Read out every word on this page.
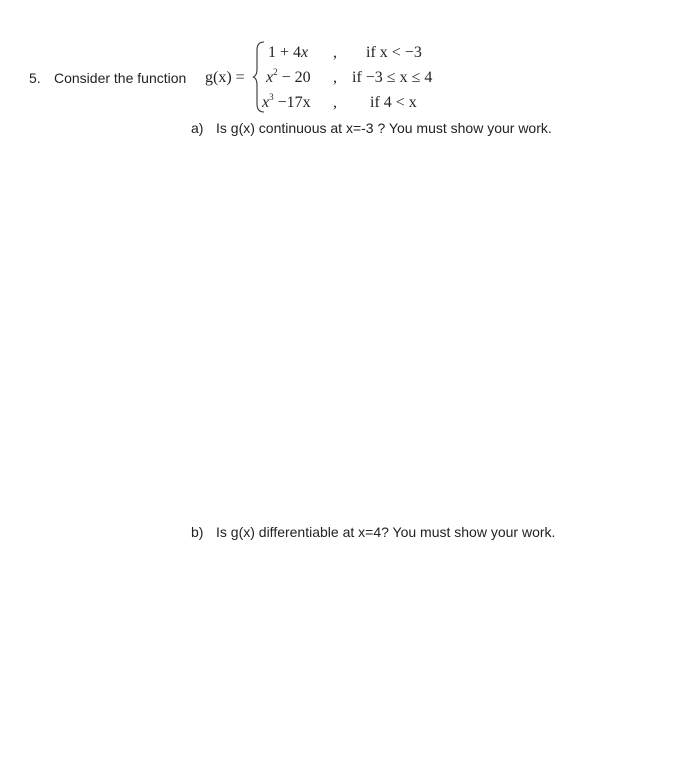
5. Consider the function g(x) =
1 + 4x , if x < −3
$x^2 - 20$ , if −3 ≤ x ≤ 4
$x^3 -17x$ , if 4 < x
a) Is g(x) continuous at x=-3 ? You must show your work.
b) Is g(x) differentiable at x=4? You must show your work.
